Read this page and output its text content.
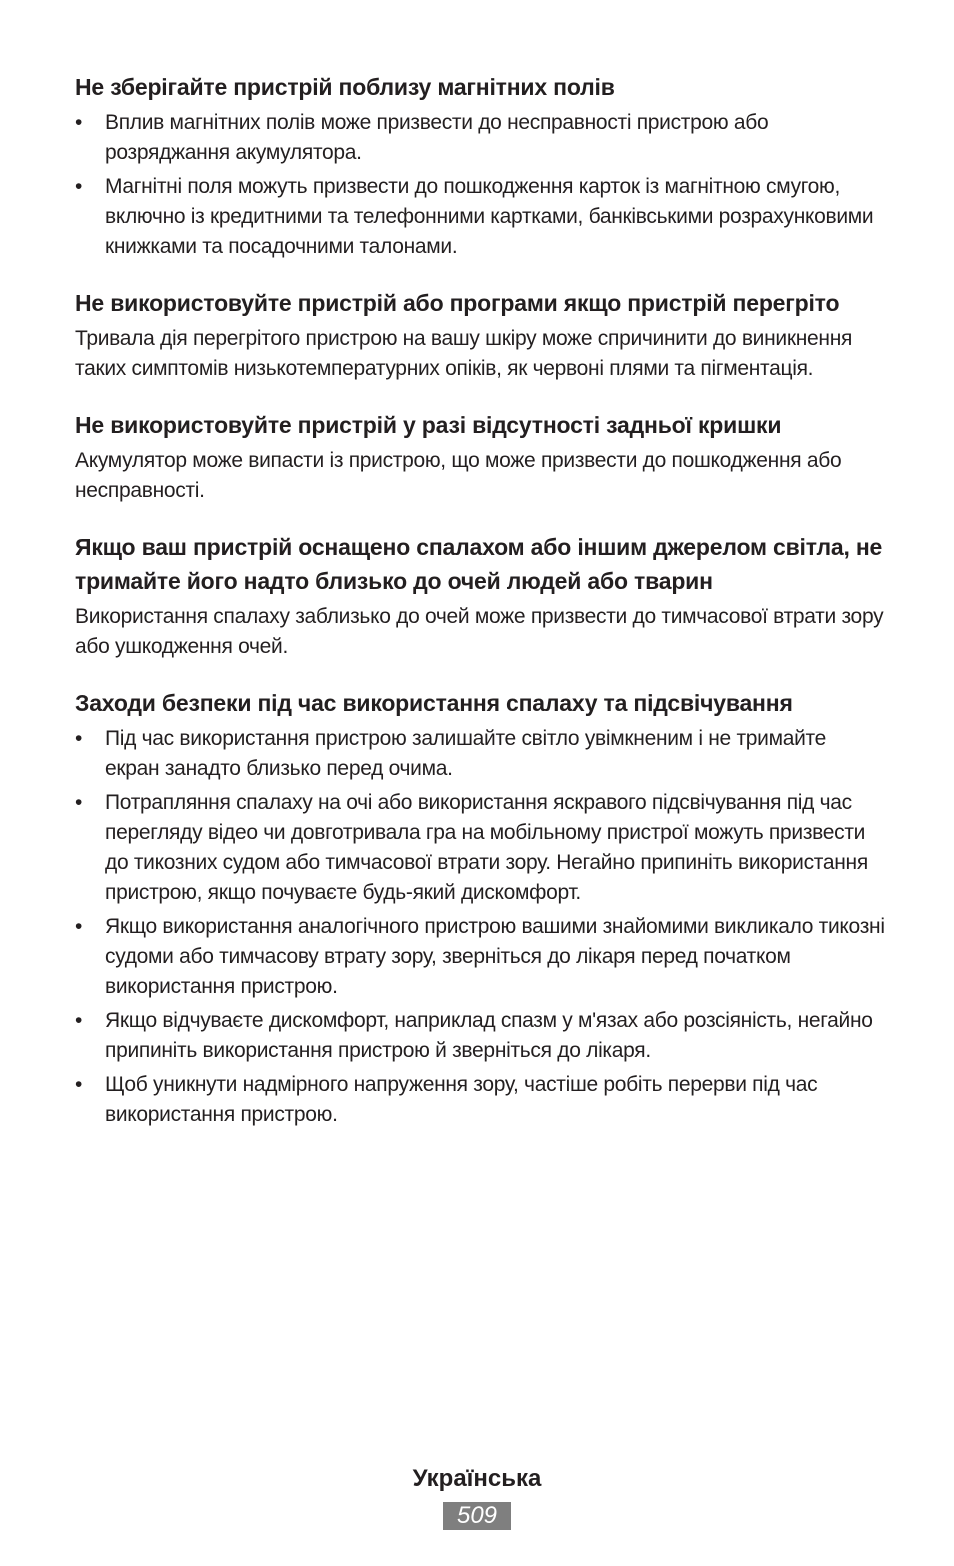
Не зберігайте пристрій поблизу магнітних полів
• Вплив магнітних полів може призвести до несправності пристрою або розряджання акумулятора.
• Магнітні поля можуть призвести до пошкодження карток із магнітною смугою, включно із кредитними та телефонними картками, банківськими розрахунковими книжками та посадочними талонами.
Не використовуйте пристрій або програми якщо пристрій перегріто

Тривала дія перегрітого пристрою на вашу шкіру може спричинити до виникнення таких симптомів низькотемпературних опіків, як червоні плями та пігментація.

Не використовуйте пристрій у разі відсутності задньої кришки

Акумулятор може випасти із пристрою, що може призвести до пошкодження або несправності.

Якщо ваш пристрій оснащено спалахом або іншим джерелом світла, не тримайте його надто близько до очей людей або тварин

Використання спалаху заблизько до очей може призвести до тимчасової втрати зору або ушкодження очей.

Заходи безпеки під час використання спалаху та підсвічування
• Під час використання пристрою залишайте світло увімкненим і не тримайте екран занадто близько перед очима.
• Потрапляння спалаху на очі або використання яскравого підсвічування під час перегляду відео чи довготривала гра на мобільному пристрої можуть призвести до тикозних судом або тимчасової втрати зору. Негайно припиніть використання пристрою, якщо почуваєте будь-який дискомфорт.
• Якщо використання аналогічного пристрою вашими знайомими викликало тикозні судоми або тимчасову втрату зору, зверніться до лікаря перед початком використання пристрою.
• Якщо відчуваєте дискомфорт, наприклад спазм у м'язах або розсіяність, негайно припиніть використання пристрою й зверніться до лікаря.
• Щоб уникнути надмірного напруження зору, частіше робіть перерви під час використання пристрою.
Українська
509
